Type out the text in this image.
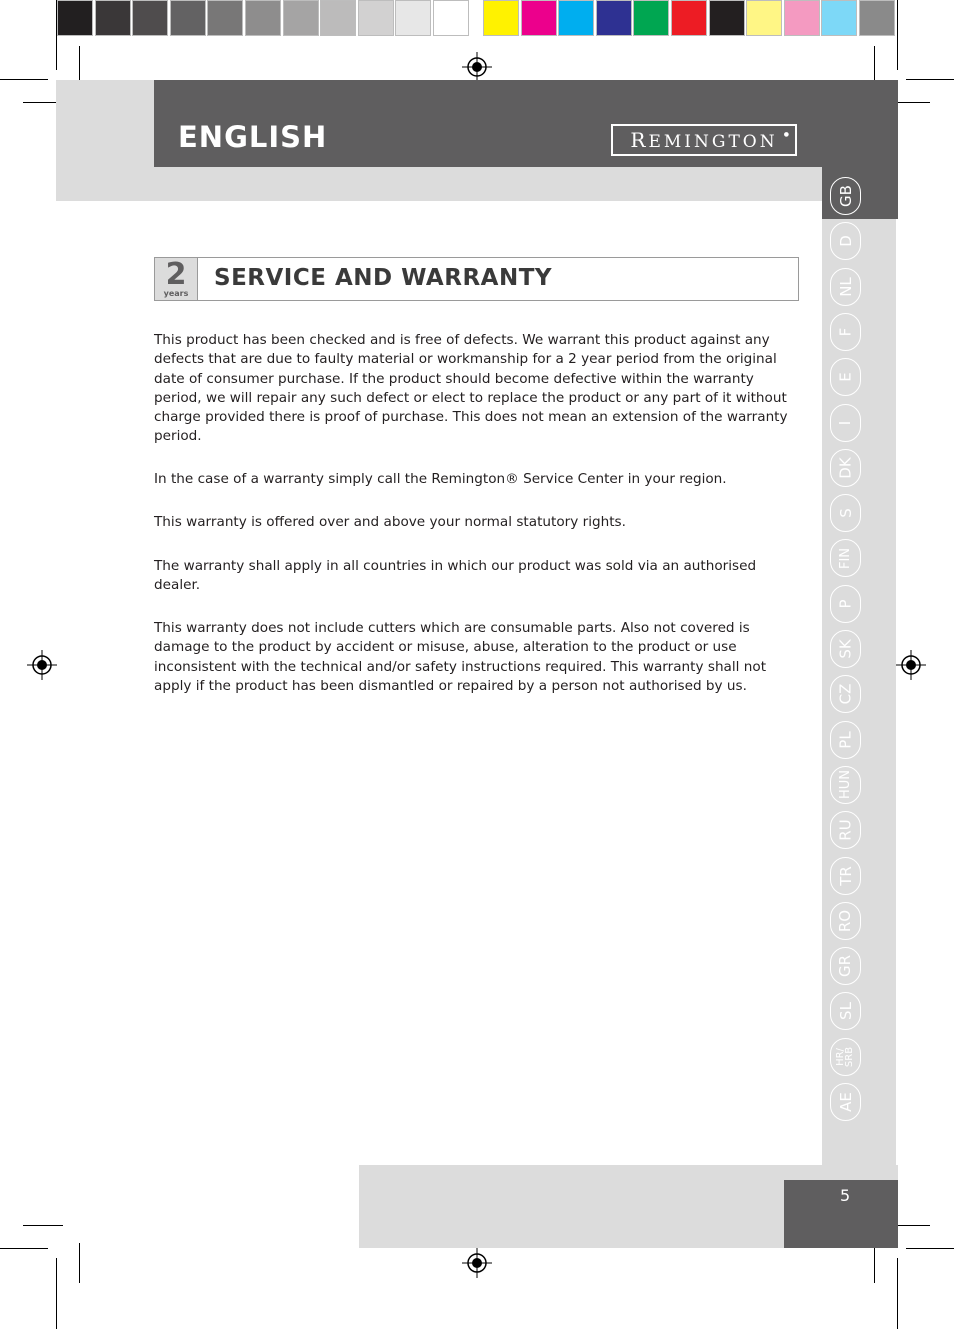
ENGLISH	REMINGTON ●
GB
D
NL
F
E
I
DK
S
FIN
P
SK
CZ
PL
HUN
RU
TR
RO
GR
SL
HR/
SRB
AE
2
years
SERVICE AND WARRANTY

This product has been checked and is free of defects. We warrant this product against any defects that are due to faulty material or workmanship for a 2 year period from the original date of consumer purchase. If the product should become defective within the warranty period, we will repair any such defect or elect to replace the product or any part of it without charge provided there is proof of purchase. This does not mean an extension of the warranty period.

In the case of a warranty simply call the Remington® Service Center in your region.

This warranty is offered over and above your normal statutory rights.

The warranty shall apply in all countries in which our product was sold via an authorised dealer.

This warranty does not include cutters which are consumable parts. Also not covered is damage to the product by accident or misuse, abuse, alteration to the product or use inconsistent with the technical and/or safety instructions required. This warranty shall not apply if the product has been dismantled or repaired by a person not authorised by us.

5
